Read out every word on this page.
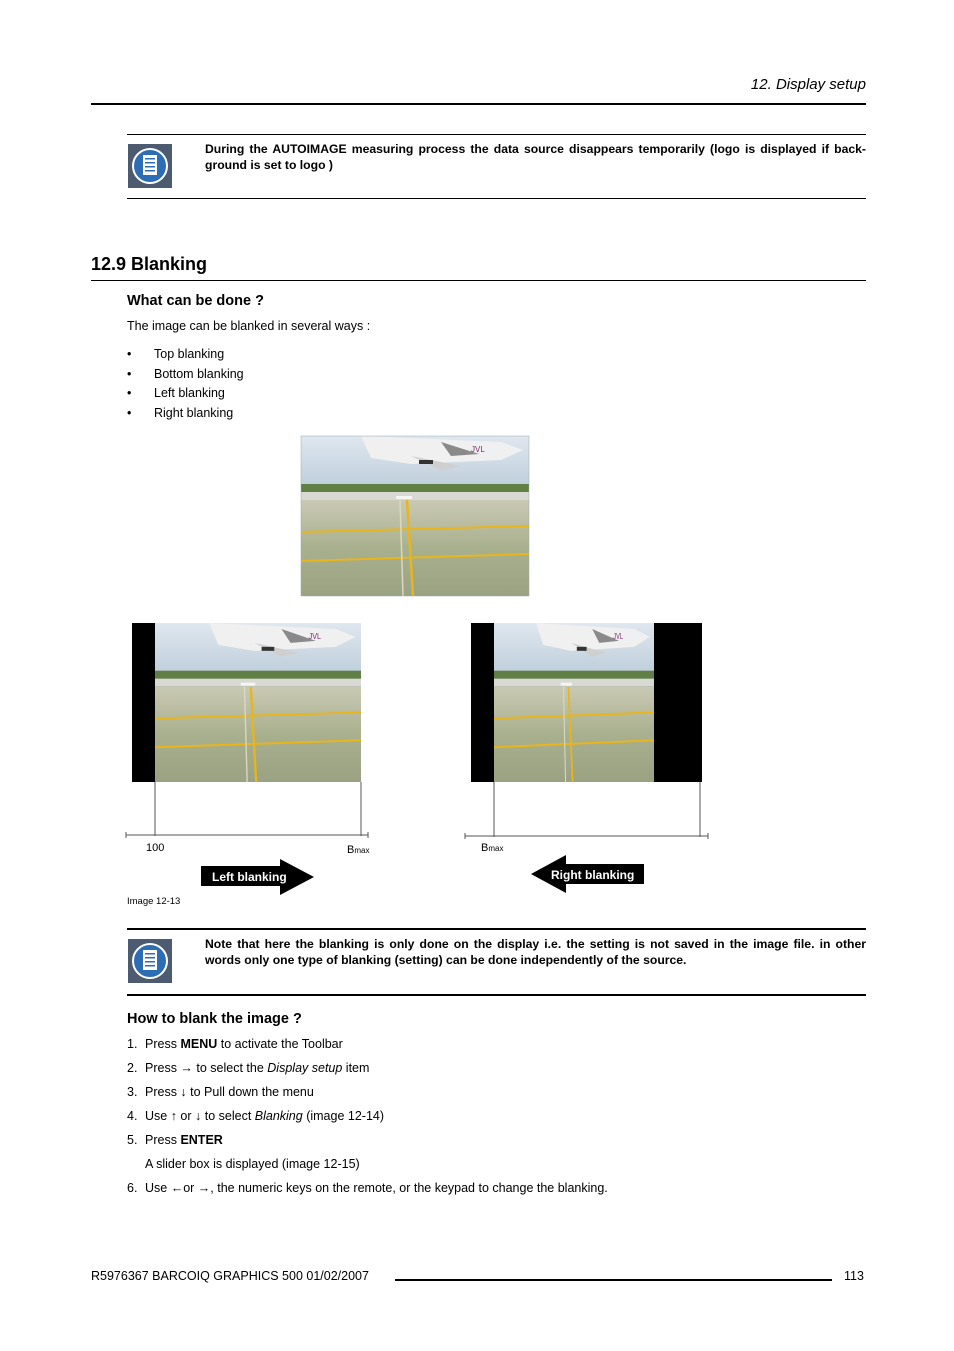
12. Display setup
During the AUTOIMAGE measuring process the data source disappears temporarily (logo is displayed if back-ground is set to logo )
12.9 Blanking
What can be done ?
The image can be blanked in several ways :
• Top blanking
• Bottom blanking
• Left blanking
• Right blanking
JVL
100	Bmax	Bmax
Left blanking	Right blanking
Image 12-13
Note that here the blanking is only done on the display i.e. the setting is not saved in the image file. in other words only one type of blanking (setting) can be done independently of the source.
How to blank the image ?
1. Press MENU to activate the Toolbar
2. Press → to select the Display setup item
3. Press ↓ to Pull down the menu
4. Use ↑ or ↓ to select Blanking (image 12-14)
5. Press ENTER
A slider box is displayed (image 12-15)
6. Use ←or →, the numeric keys on the remote, or the keypad to change the blanking.
R5976367 BARCOIQ GRAPHICS 500 01/02/2007	113
